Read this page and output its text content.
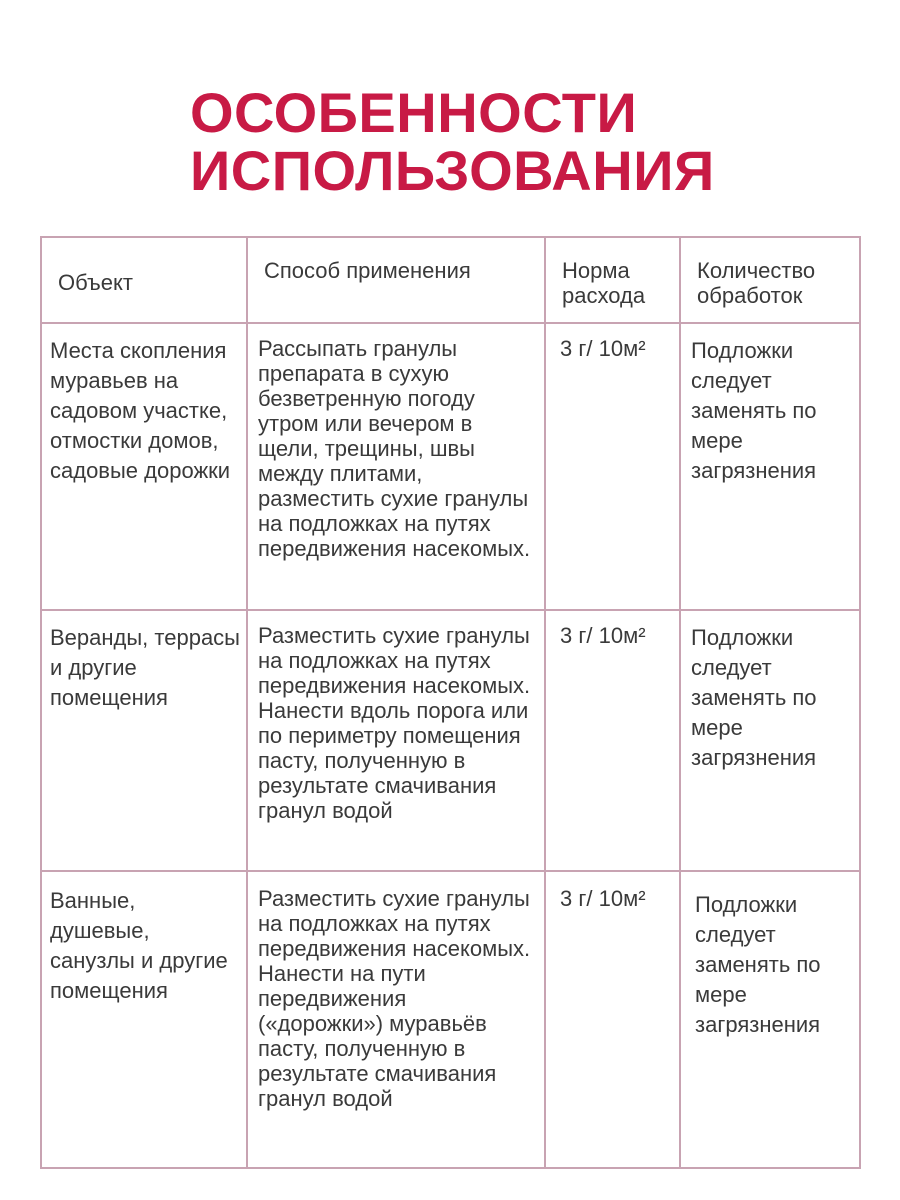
ОСОБЕННОСТИ
ИСПОЛЬЗОВАНИЯ
Объект	Способ применения	Норма расхода	Количество обработок
Места скопления муравьев на садовом участке, отмостки домов, садовые дорожки	Рассыпать гранулы препарата в сухую безветренную погоду утром или вечером в щели, трещины, швы между плитами, разместить сухие гранулы на подложках на путях передвижения насекомых.	3 г/ 10м²	Подложки следует заменять по мере загрязнения
Веранды, террасы и другие помещения	Разместить сухие гранулы на подложках на путях передвижения насекомых. Нанести вдоль порога или по периметру помещения пасту, полученную в результате смачивания гранул водой	3 г/ 10м²	Подложки следует заменять по мере загрязнения
Ванные, душевые, санузлы и другие помещения	Разместить сухие гранулы на подложках на путях передвижения насекомых. Нанести на пути передвижения («дорожки») муравьёв пасту, полученную в результате смачивания гранул водой	3 г/ 10м²	Подложки следует заменять по мере загрязнения
